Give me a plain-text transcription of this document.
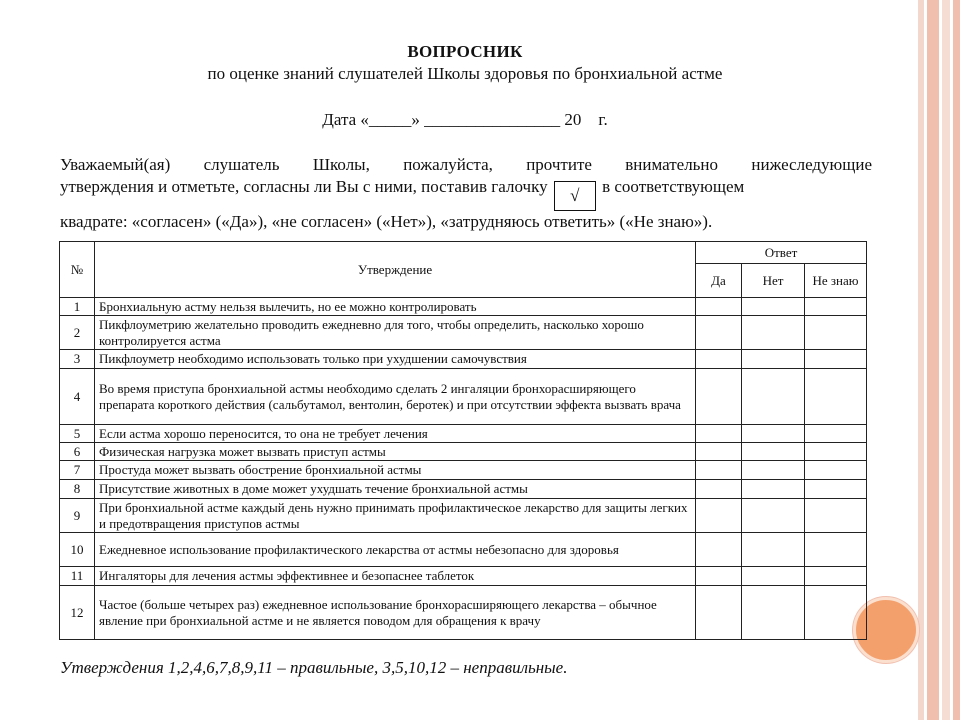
ВОПРОСНИК
по оценке знаний слушателей Школы здоровья по бронхиальной астме
Дата «_____» ________________ 20    г.
Уважаемый(ая) слушатель Школы, пожалуйста, прочтите внимательно нижеследующие
утверждения и отметьте, согласны ли Вы с ними, поставив галочку √ в соответствующем
квадрате: «согласен» («Да»), «не согласен» («Нет»), «затрудняюсь ответить» («Не знаю»).
№	Утверждение	Ответ		
		Да	Нет	Не знаю
1	Бронхиальную астму нельзя вылечить, но ее можно контролировать			
2	Пикфлоуметрию желательно проводить ежедневно для того, чтобы определить, насколько хорошо контролируется астма			
3	Пикфлоуметр необходимо использовать только при ухудшении самочувствия			
4	Во время приступа бронхиальной астмы необходимо сделать 2 ингаляции бронхорасширяющего препарата короткого действия (сальбутамол, вентолин, беротек) и при отсутствии эффекта вызвать врача			
5	Если астма хорошо переносится, то она не требует лечения			
6	Физическая нагрузка может вызвать приступ астмы			
7	Простуда может вызвать обострение бронхиальной астмы			
8	Присутствие животных в доме может ухудшать течение бронхиальной астмы			
9	При бронхиальной астме каждый день нужно принимать профилактическое лекарство для защиты легких и предотвращения приступов астмы			
10	Ежедневное использование профилактического лекарства от астмы небезопасно для здоровья			
11	Ингаляторы для лечения астмы эффективнее и безопаснее таблеток			
12	Частое (больше четырех раз) ежедневное использование бронхорасширяющего лекарства – обычное явление при бронхиальной астме и не является поводом для обращения к врачу			
Утверждения 1,2,4,6,7,8,9,11 – правильные, 3,5,10,12 – неправильные.
